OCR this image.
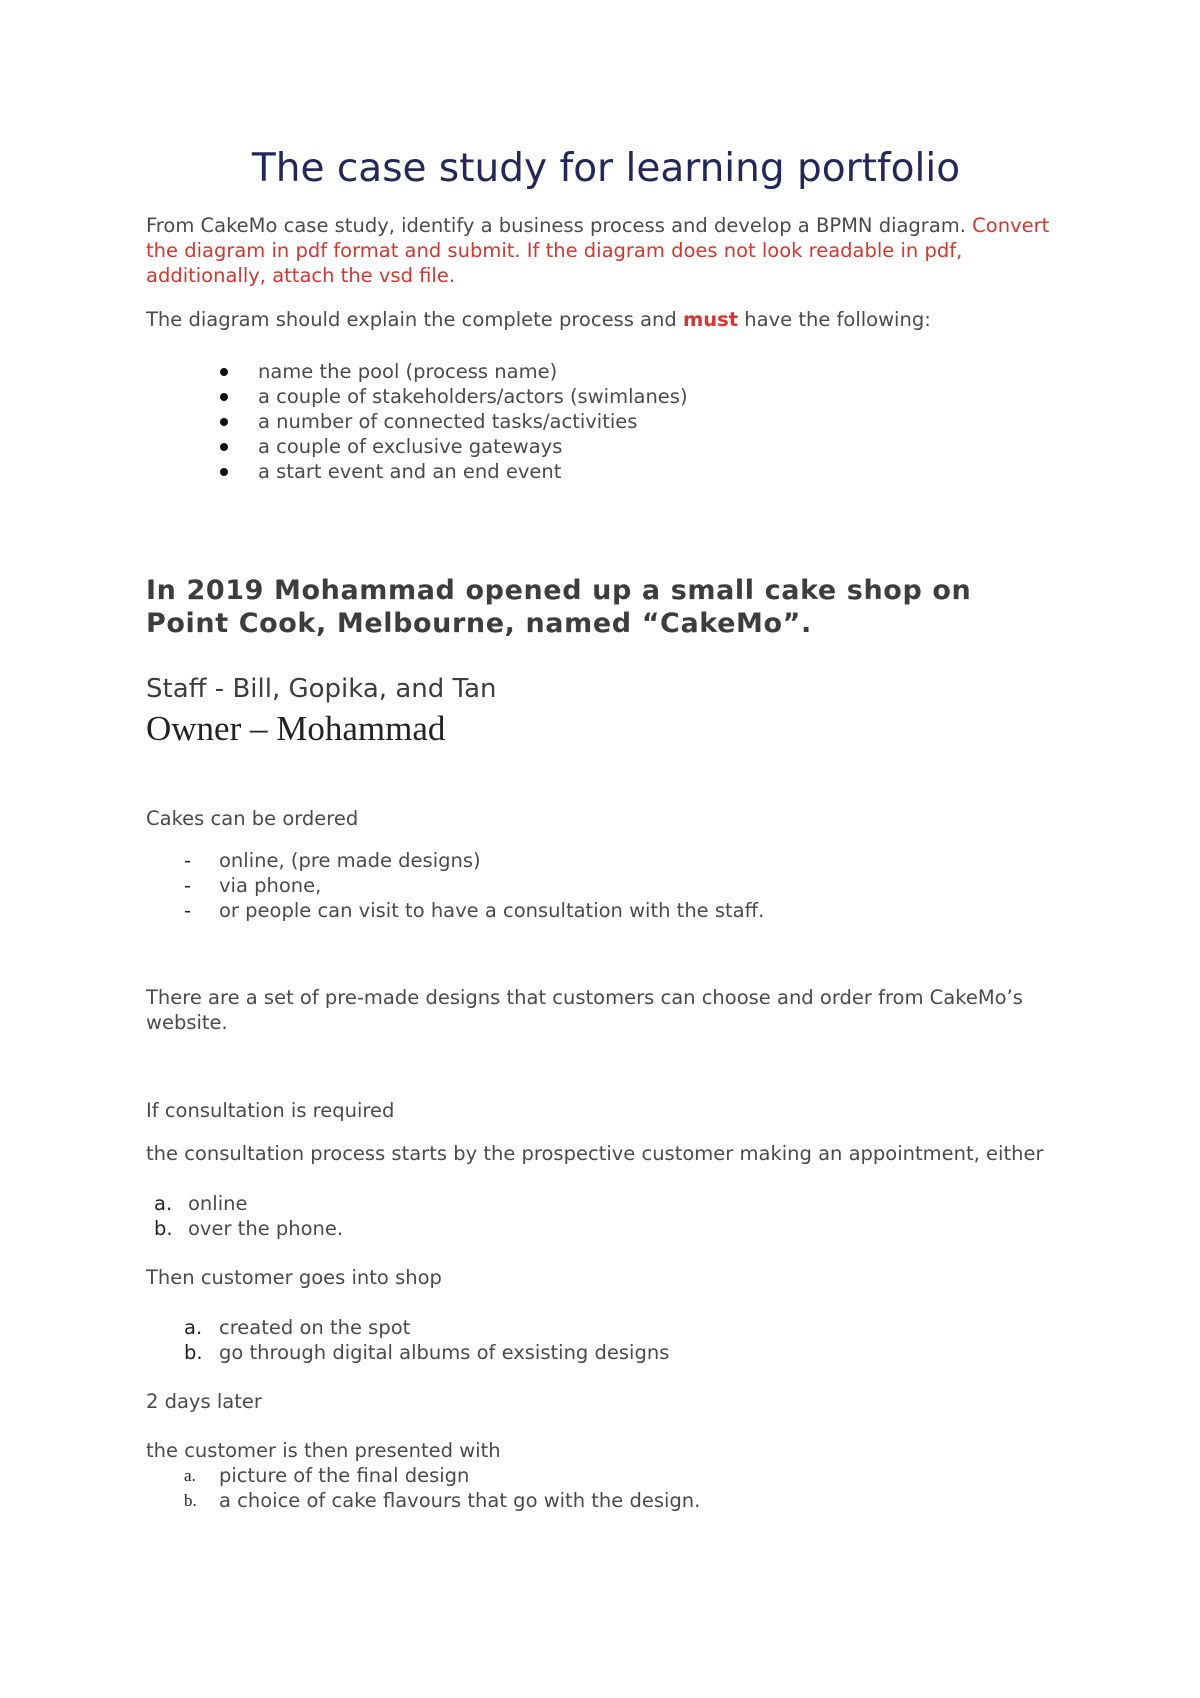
The case study for learning portfolio

From CakeMo case study, identify a business process and develop a BPMN diagram. Convert the diagram in pdf format and submit. If the diagram does not look readable in pdf, additionally, attach the vsd file.

The diagram should explain the complete process and must have the following:

name the pool (process name)
a couple of stakeholders/actors (swimlanes)
a number of connected tasks/activities
a couple of exclusive gateways
a start event and an end event
In 2019 Mohammad opened up a small cake shop on Point Cook, Melbourne, named “CakeMo”.

Staff - Bill, Gopika, and Tan

Owner – Mohammad

Cakes can be ordered

- online, (pre made designs)
- via phone,
- or people can visit to have a consultation with the staff.

There are a set of pre-made designs that customers can choose and order from CakeMo’s website.

If consultation is required

the consultation process starts by the prospective customer making an appointment, either

a. online
b. over the phone.

Then customer goes into shop

a. created on the spot
b. go through digital albums of exsisting designs

2 days later

the customer is then presented with

a. picture of the final design
b. a choice of cake flavours that go with the design.
